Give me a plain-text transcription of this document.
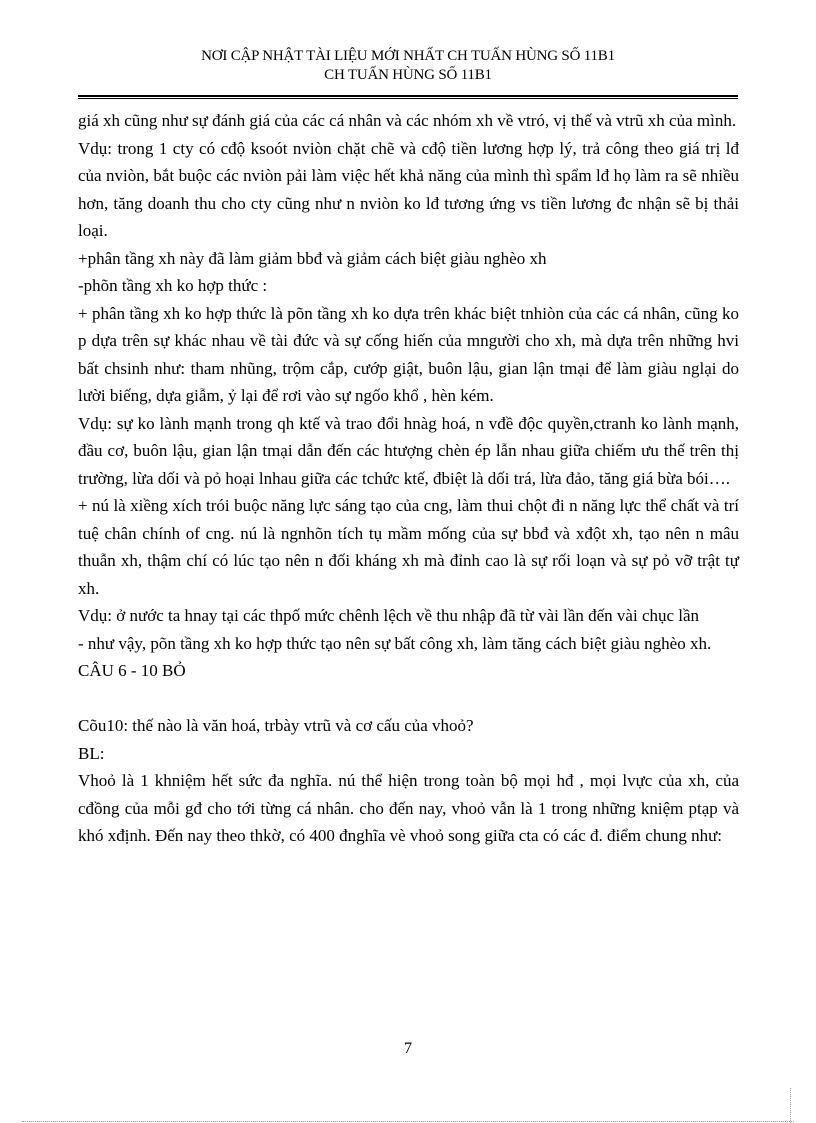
NƠI CẬP NHẬT TÀI LIỆU MỚI NHẤT CH TUẤN HÙNG SỐ 11B1
CH TUẤN HÙNG SỐ 11B1

giá xh cũng như sự đánh giá của các cá nhân và các nhóm xh về vtró, vị thế và vtrũ xh của mình.

Vdụ: trong 1 cty có cđộ ksoót nviòn chặt chẽ và cđộ tiền lương hợp lý, trả công theo giá trị lđ của nviòn, bắt buộc các nviòn pải làm việc hết khả năng của mình thì spẩm lđ họ làm ra sẽ nhiều hơn, tăng doanh thu cho cty cũng như n nviòn ko lđ tương ứng vs tiền lương đc nhận sẽ bị thải loại.

+phân tầng xh này đã làm giảm bbđ và giảm cách biệt giàu nghèo xh

-phõn tầng xh ko hợp thức :

+ phân tầng xh ko hợp thức là põn tầng xh ko dựa trên khác biệt tnhiòn của các cá nhân, cũng ko p dựa trên sự khác nhau về tài đức và sự cống hiến của mngười cho xh, mà dựa trên những hvi bất chsinh như: tham nhũng, trộm cắp, cướp giật, buôn lậu, gian lận tmại để làm giàu nglại do lười biếng, dựa giẫm, ỷ lại để rơi vào sự ngốo khổ , hèn kém.

Vdụ: sự ko lành mạnh trong qh ktế và trao đổi hnàg hoá, n vđề độc quyền,ctranh ko lành mạnh, đầu cơ, buôn lậu, gian lận tmại dẫn đến các htượng chèn ép lẫn nhau giữa chiếm ưu thế trên thị trường, lừa dối và pỏ hoại lnhau giữa các tchức ktế, đbiệt là dối trá, lừa đảo, tăng giá bừa bói….

+ nú là xiềng xích trói buộc năng lực sáng tạo của cng, làm thui chột đi n năng lực thể chất và trí tuệ chân chính of cng. nú là ngnhõn tích tụ mầm mống của sự bbđ và xđột xh, tạo nên n mâu thuẫn xh, thậm chí có lúc tạo nên n đối kháng xh mà đỉnh cao là sự rối loạn và sự pỏ vỡ trật tự xh.

Vdụ: ở nước ta hnay tại các thpố mức chênh lệch về thu nhập đã từ vài lần đến vài chục lần

- như vậy, põn tầng xh ko hợp thức tạo nên sự bất công xh, làm tăng cách biệt giàu nghèo xh.

CÂU 6 - 10 BỎ

Cõu10: thế nào là văn hoá, trbày vtrũ và cơ cấu của vhoỏ?

BL:

Vhoỏ là 1 khniệm hết sức đa nghĩa. nú thể hiện trong toàn bộ mọi hđ , mọi lvực của xh, của cđồng của mỗi gđ cho tới từng cá nhân. cho đến nay, vhoỏ vẫn là 1 trong những kniệm ptạp và khó xđịnh. Đến nay theo thkờ, có 400 đnghĩa vè vhoỏ song giữa cta có các đ. điểm chung như:

7
